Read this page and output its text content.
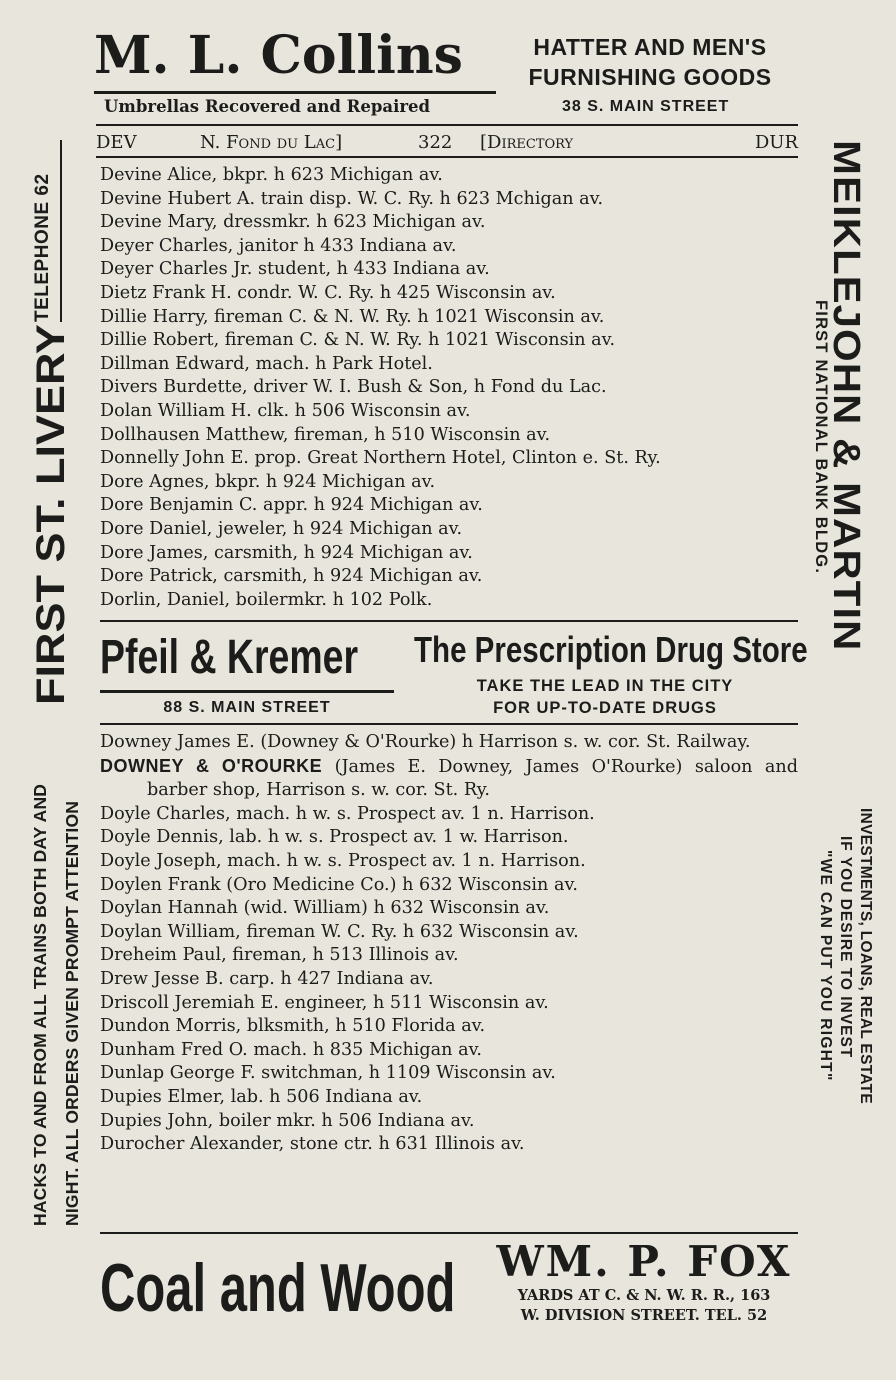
M. L. Collins	HATTER AND MEN'S
FURNISHING GOODS
Umbrellas Recovered and Repaired	38 S. MAIN STREET
DEV	N. Fond du Lac]	322 [Directory	DUR
Devine Alice, bkpr. h 623 Michigan av.
Devine Hubert A. train disp. W. C. Ry. h 623 Mchigan av.
Devine Mary, dressmkr. h 623 Michigan av.
Deyer Charles, janitor h 433 Indiana av.
Deyer Charles Jr. student, h 433 Indiana av.
Dietz Frank H. condr. W. C. Ry. h 425 Wisconsin av.
Dillie Harry, fireman C. & N. W. Ry. h 1021 Wisconsin av.
Dillie Robert, fireman C. & N. W. Ry. h 1021 Wisconsin av.
Dillman Edward, mach. h Park Hotel.
Divers Burdette, driver W. I. Bush & Son, h Fond du Lac.
Dolan William H. clk. h 506 Wisconsin av.
Dollhausen Matthew, fireman, h 510 Wisconsin av.
Donnelly John E. prop. Great Northern Hotel, Clinton e. St. Ry.
Dore Agnes, bkpr. h 924 Michigan av.
Dore Benjamin C. appr. h 924 Michigan av.
Dore Daniel, jeweler, h 924 Michigan av.
Dore James, carsmith, h 924 Michigan av.
Dore Patrick, carsmith, h 924 Michigan av.
Dorlin, Daniel, boilermkr. h 102 Polk.
Pfeil & Kremer
88 S. MAIN STREET
The Prescription Drug Store
TAKE THE LEAD IN THE CITY
FOR UP-TO-DATE DRUGS
Downey James E. (Downey & O'Rourke) h Harrison s. w. cor. St. Railway.
DOWNEY & O'ROURKE (James E. Downey, James O'Rourke) saloon and barber shop, Harrison s. w. cor. St. Ry.
Doyle Charles, mach. h w. s. Prospect av. 1 n. Harrison.
Doyle Dennis, lab. h w. s. Prospect av. 1 w. Harrison.
Doyle Joseph, mach. h w. s. Prospect av. 1 n. Harrison.
Doylen Frank (Oro Medicine Co.) h 632 Wisconsin av.
Doylan Hannah (wid. William) h 632 Wisconsin av.
Doylan William, fireman W. C. Ry. h 632 Wisconsin av.
Dreheim Paul, fireman, h 513 Illinois av.
Drew Jesse B. carp. h 427 Indiana av.
Driscoll Jeremiah E. engineer, h 511 Wisconsin av.
Dundon Morris, blksmith, h 510 Florida av.
Dunham Fred O. mach. h 835 Michigan av.
Dunlap George F. switchman, h 1109 Wisconsin av.
Dupies Elmer, lab. h 506 Indiana av.
Dupies John, boiler mkr. h 506 Indiana av.
Durocher Alexander, stone ctr. h 631 Illinois av.
Coal and Wood WM. P. FOX
YARDS AT C. & N. W. R. R., 163
W. DIVISION STREET. TEL. 52
FIRST ST. LIVERY
TELEPHONE 62
HACKS TO AND FROM ALL TRAINS BOTH DAY AND NIGHT. ALL ORDERS GIVEN PROMPT ATTENTION
MEIKLEJOHN & MARTIN
FIRST NATIONAL BANK BLDG.
INVESTMENTS, LOANS, REAL ESTATE
IF YOU DESIRE TO INVEST
"WE CAN PUT YOU RIGHT"
